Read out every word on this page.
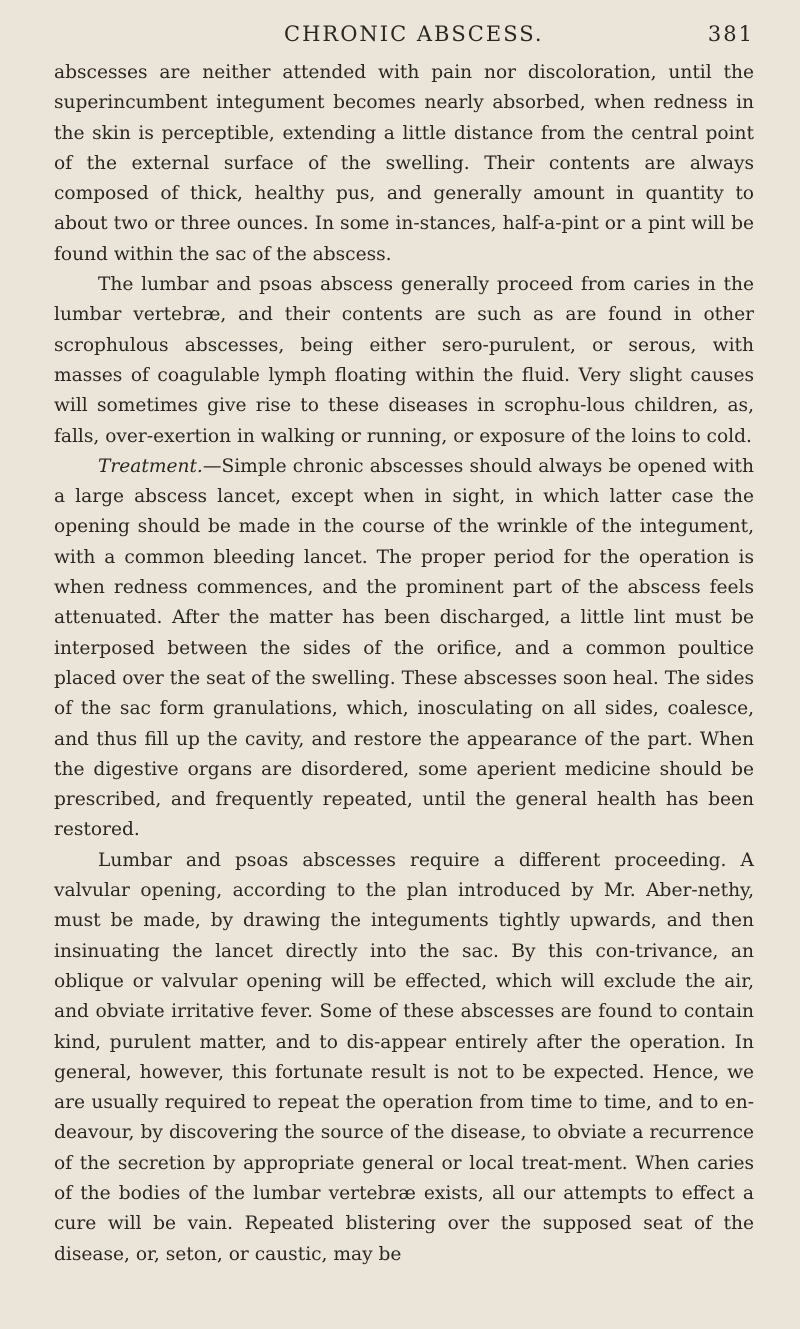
CHRONIC ABSCESS.	381

abscesses are neither attended with pain nor discoloration, until the superincumbent integument becomes nearly absorbed, when redness in the skin is perceptible, extending a little distance from the central point of the external surface of the swelling. Their contents are always composed of thick, healthy pus, and generally amount in quantity to about two or three ounces. In some in-stances, half-a-pint or a pint will be found within the sac of the abscess.

The lumbar and psoas abscess generally proceed from caries in the lumbar vertebræ, and their contents are such as are found in other scrophulous abscesses, being either sero-purulent, or serous, with masses of coagulable lymph floating within the fluid. Very slight causes will sometimes give rise to these diseases in scrophu-lous children, as, falls, over-exertion in walking or running, or exposure of the loins to cold.

Treatment.—Simple chronic abscesses should always be opened with a large abscess lancet, except when in sight, in which latter case the opening should be made in the course of the wrinkle of the integument, with a common bleeding lancet. The proper period for the operation is when redness commences, and the prominent part of the abscess feels attenuated. After the matter has been discharged, a little lint must be interposed between the sides of the orifice, and a common poultice placed over the seat of the swelling. These abscesses soon heal. The sides of the sac form granulations, which, inosculating on all sides, coalesce, and thus fill up the cavity, and restore the appearance of the part. When the digestive organs are disordered, some aperient medicine should be prescribed, and frequently repeated, until the general health has been restored.

Lumbar and psoas abscesses require a different proceeding. A valvular opening, according to the plan introduced by Mr. Aber-nethy, must be made, by drawing the integuments tightly upwards, and then insinuating the lancet directly into the sac. By this con-trivance, an oblique or valvular opening will be effected, which will exclude the air, and obviate irritative fever. Some of these abscesses are found to contain kind, purulent matter, and to dis-appear entirely after the operation. In general, however, this fortunate result is not to be expected. Hence, we are usually required to repeat the operation from time to time, and to en-deavour, by discovering the source of the disease, to obviate a recurrence of the secretion by appropriate general or local treat-ment. When caries of the bodies of the lumbar vertebræ exists, all our attempts to effect a cure will be vain. Repeated blistering over the supposed seat of the disease, or, seton, or caustic, may be
